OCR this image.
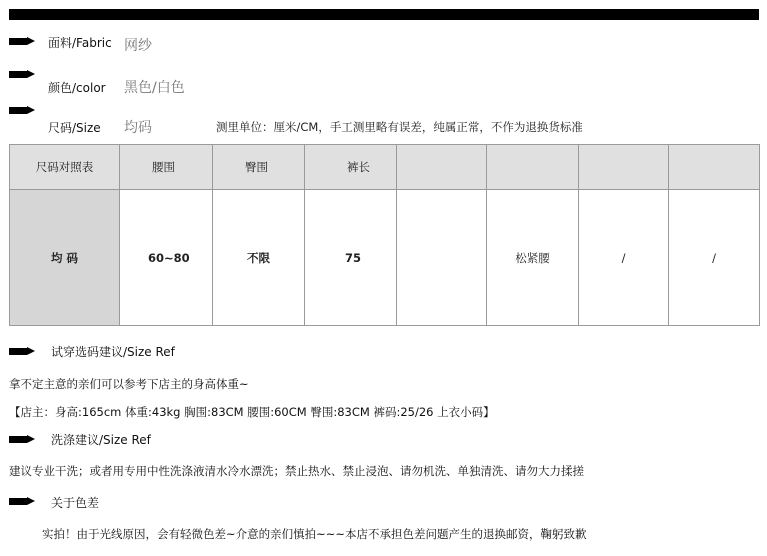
面料/Fabric 网纱
颜色/color 黑色/白色
尺码/Size 均码	测里单位：厘米/CM，手工测里略有误差，纯属正常，不作为退换货标准
尺码对照表	腰围	臀围	裤长				
均 码	60~80	不限	75		松紧腰	/	/
试穿选码建议/Size Ref
拿不定主意的亲们可以参考下店主的身高体重~
【店主：身高:165cm 体重:43kg 胸围:83CM 腰围:60CM 臀围:83CM 裤码:25/26 上衣小码】
洗涤建议/Size Ref
建议专业干洗；或者用专用中性洗涤液清水冷水漂洗；禁止热水、禁止浸泡、请勿机洗、单独清洗、请勿大力揉搓
关于色差
实拍！由于光线原因，会有轻微色差~介意的亲们慎拍~~~本店不承担色差问题产生的退换邮资，鞠躬致歉
